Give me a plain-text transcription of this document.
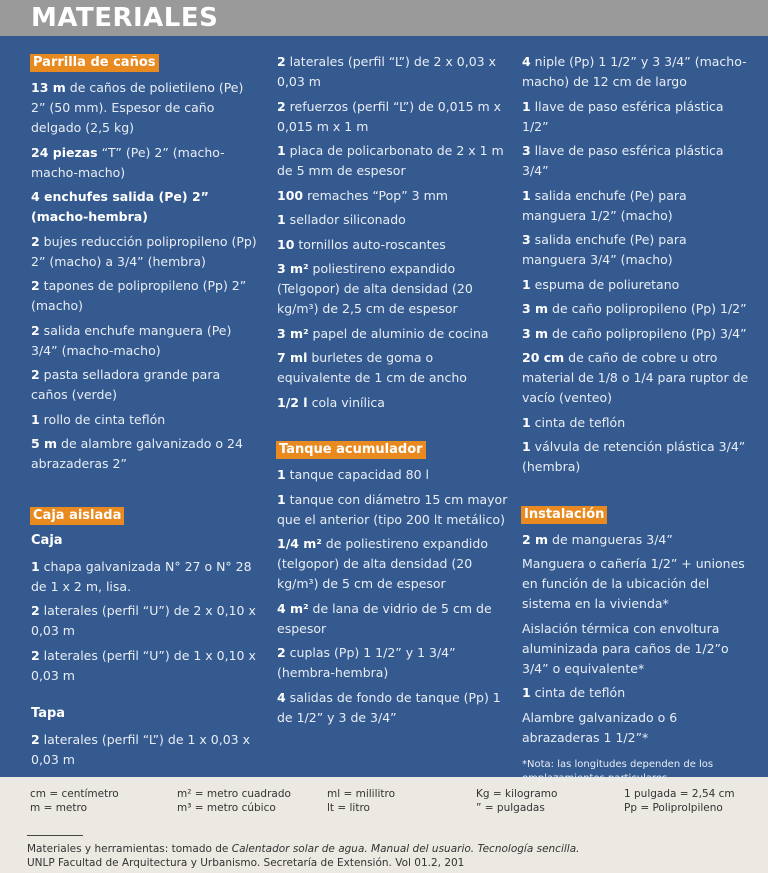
MATERIALES
Parrilla de caños
13 m de caños de polietileno (Pe) 2” (50 mm). Espesor de caño delgado (2,5 kg)
24 piezas “T” (Pe) 2” (macho-macho-macho)
4 enchufes salida (Pe) 2” (macho-hembra)
2 bujes reducción polipropileno (Pp) 2” (macho) a 3/4” (hembra)
2 tapones de polipropileno (Pp) 2” (macho)
2 salida enchufe manguera (Pe) 3/4” (macho-macho)
2 pasta selladora grande para caños (verde)
1 rollo de cinta teflón
5 m de alambre galvanizado o 24 abrazaderas 2”
Caja aislada
Caja
1 chapa galvanizada N° 27 o N° 28 de 1 x 2 m, lisa.
2 laterales (perfil “U”) de 2 x 0,10 x 0,03 m
2 laterales (perfil “U”) de 1 x 0,10 x 0,03 m
Tapa
2 laterales (perfil “L”) de 1 x 0,03 x 0,03 m
2 laterales (perfil “L”) de 2 x 0,03 x 0,03 m
2 refuerzos (perfil “L”) de 0,015 m x 0,015 m x 1 m
1 placa de policarbonato de 2 x 1 m de 5 mm de espesor
100 remaches “Pop” 3 mm
1 sellador siliconado
10 tornillos auto-roscantes
3 m² poliestireno expandido (Telgopor) de alta densidad (20 kg/m³) de 2,5 cm de espesor
3 m² papel de aluminio de cocina
7 ml burletes de goma o equivalente de 1 cm de ancho
1/2 l cola vinílica
Tanque acumulador
1 tanque capacidad 80 l
1 tanque con diámetro 15 cm mayor que el anterior (tipo 200 lt metálico)
1/4 m² de poliestireno expandido (telgopor) de alta densidad (20 kg/m³) de 5 cm de espesor
4 m² de lana de vidrio de 5 cm de espesor
2 cuplas (Pp) 1 1/2” y 1 3/4” (hembra-hembra)
4 salidas de fondo de tanque (Pp) 1 de 1/2” y 3 de 3/4”
4 niple (Pp) 1 1/2” y 3 3/4” (macho-macho) de 12 cm de largo
1 llave de paso esférica plástica 1/2”
3 llave de paso esférica plástica 3/4”
1 salida enchufe (Pe) para manguera 1/2” (macho)
3 salida enchufe (Pe) para manguera 3/4” (macho)
1 espuma de poliuretano
3 m de caño polipropileno (Pp) 1/2”
3 m de caño polipropileno (Pp) 3/4”
20 cm de caño de cobre u otro material de 1/8 o 1/4 para ruptor de vacío (venteo)
1 cinta de teflón
1 válvula de retención plástica 3/4” (hembra)
Instalación
2 m de mangueras 3/4”
Manguera o cañería 1/2” + uniones en función de la ubicación del sistema en la vivienda*
Aislación térmica con envoltura aluminizada para caños de 1/2”o 3/4” o equivalente*
1 cinta de teflón
Alambre galvanizado o 6 abrazaderas 1 1/2”*
*Nota: las longitudes dependen de los emplazamientos particulares.
cm = centímetro
m = metro
m² = metro cuadrado
m³ = metro cúbico
ml = mililitro
lt = litro
Kg = kilogramo
” = pulgadas
1 pulgada = 2,54 cm
Pp = Poliprolpileno
Materiales y herramientas: tomado de Calentador solar de agua. Manual del usuario. Tecnología sencilla.
UNLP Facultad de Arquitectura y Urbanismo. Secretaría de Extensión. Vol 01.2, 201
